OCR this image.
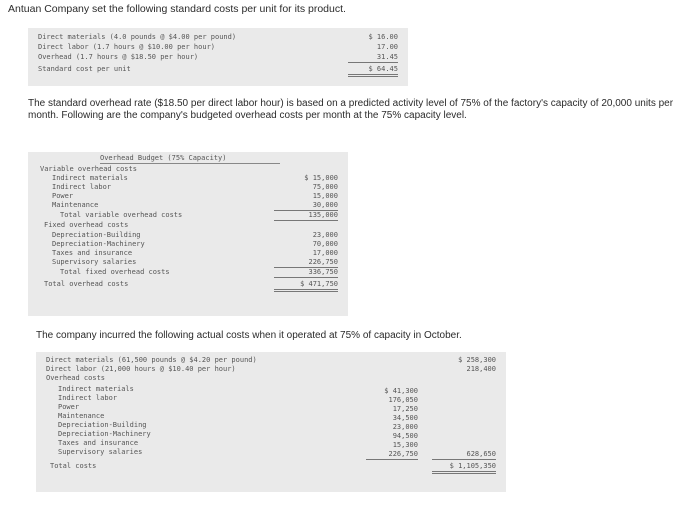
Antuan Company set the following standard costs per unit for its product.
Direct materials (4.0 pounds @ $4.00 per pound)	$ 16.00
Direct labor (1.7 hours @ $10.00 per hour)	17.00
Overhead (1.7 hours @ $18.50 per hour)	31.45
Standard cost per unit	$ 64.45
The standard overhead rate ($18.50 per direct labor hour) is based on a predicted activity level of 75% of the factory's capacity of 20,000 units per month. Following are the company's budgeted overhead costs per month at the 75% capacity level.
Overhead Budget (75% Capacity)
Variable overhead costs
Indirect materials	$ 15,000
Indirect labor	75,000
Power	15,000
Maintenance	30,000
Total variable overhead costs	135,000
Fixed overhead costs
Depreciation-Building	23,000
Depreciation-Machinery	70,000
Taxes and insurance	17,000
Supervisory salaries	226,750
Total fixed overhead costs	336,750
Total overhead costs	$ 471,750
The company incurred the following actual costs when it operated at 75% of capacity in October.
Direct materials (61,500 pounds @ $4.20 per pound)	$ 258,300
Direct labor (21,000 hours @ $10.40 per hour)	218,400
Overhead costs
Indirect materials	$ 41,300
Indirect labor	176,050
Power	17,250
Maintenance	34,500
Depreciation-Building	23,000
Depreciation-Machinery	94,500
Taxes and insurance	15,300
Supervisory salaries	226,750	628,650
Total costs	$ 1,105,350
